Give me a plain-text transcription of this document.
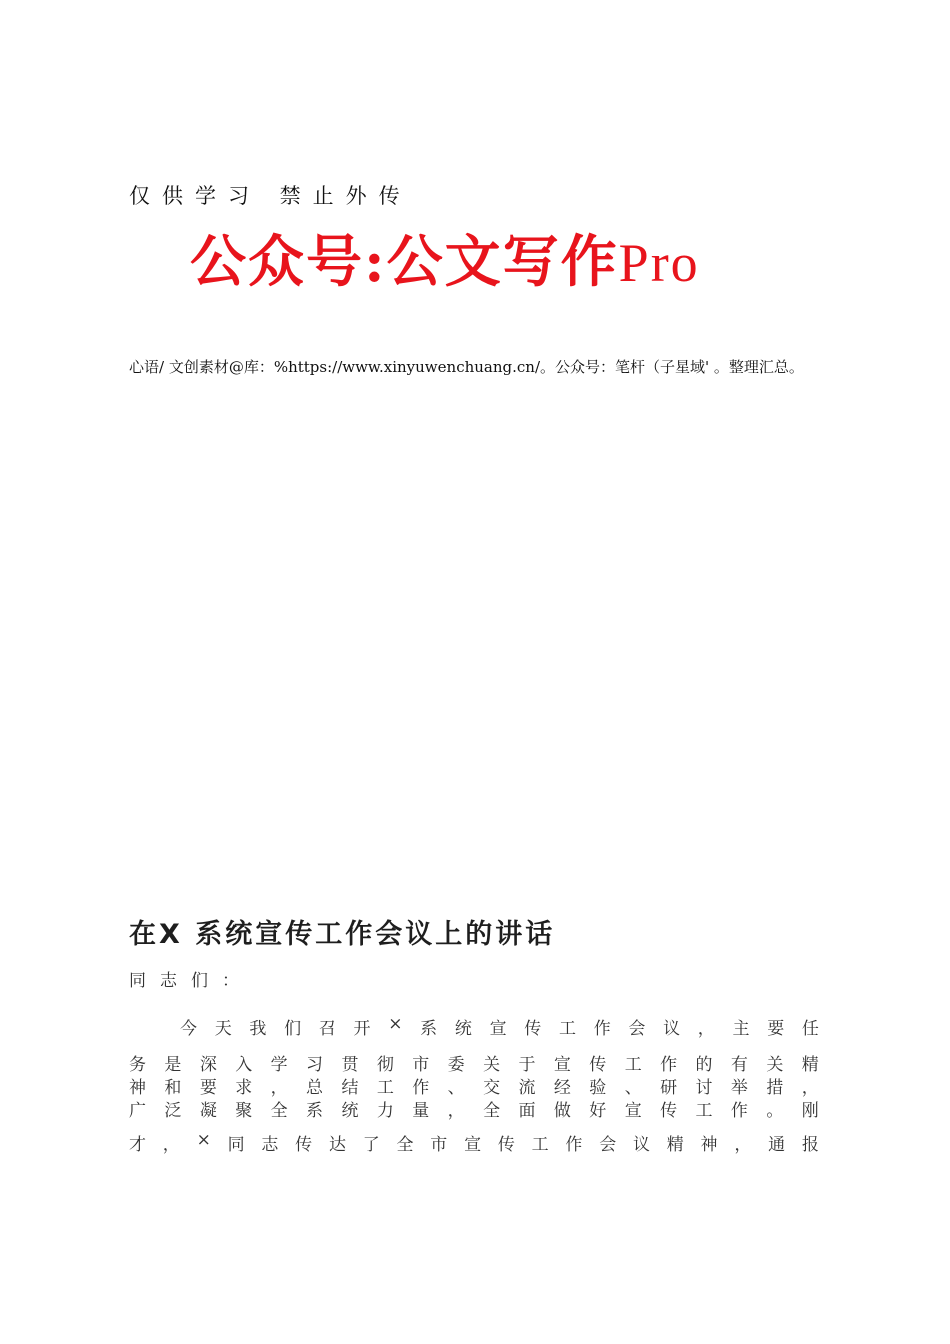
仅供学习 禁止外传
公众号:公文写作Pro
心语/ 文创素材@库：%https://www.xinyuwenchuang.cn/。公众号：笔杆（子星域' 。整理汇总。
在X 系统宣传工作会议上的讲话
同志们：
今 天 我 们 召 开 × 系 统 宣 传 工 作 会 议 ， 主 要 任
务 是 深 入 学 习 贯 彻 市 委 关 于 宣 传 工 作 的 有 关 精
神 和 要 求 ， 总 结 工 作 、 交 流 经 验 、 研 讨 举 措 ，
广 泛 凝 聚 全 系 统 力 量 ， 全 面 做 好 宣 传 工 作 。 刚
才 ， × 同 志 传 达 了 全 市 宣 传 工 作 会 议 精 神 ， 通 报
